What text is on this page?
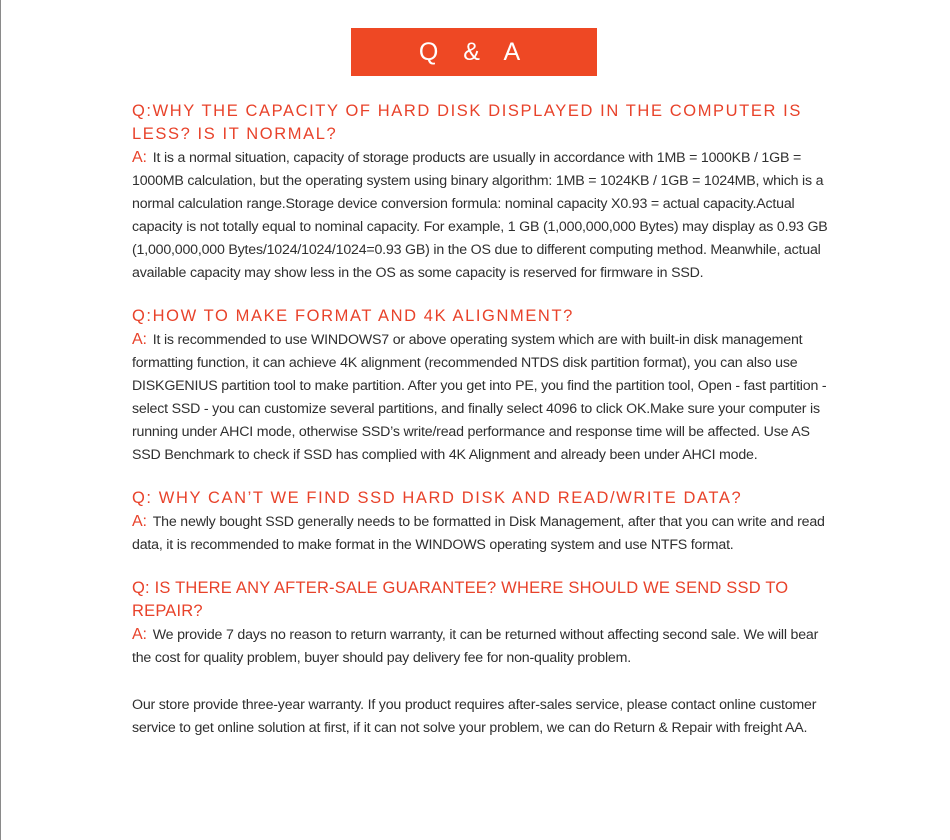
Q & A

Q:WHY THE CAPACITY OF HARD DISK DISPLAYED IN THE COMPUTER IS LESS? IS IT NORMAL?

A: It is a normal situation, capacity of storage products are usually in accordance with 1MB = 1000KB / 1GB = 1000MB calculation, but the operating system using binary algorithm: 1MB = 1024KB / 1GB = 1024MB, which is a normal calculation range.Storage device conversion formula: nominal capacity X0.93 = actual capacity.Actual capacity is not totally equal to nominal capacity. For example, 1 GB (1,000,000,000 Bytes) may display as 0.93 GB (1,000,000,000 Bytes/1024/1024/1024=0.93 GB) in the OS due to different computing method. Meanwhile, actual available capacity may show less in the OS as some capacity is reserved for firmware in SSD.

Q:HOW TO MAKE FORMAT AND 4K ALIGNMENT?

A: It is recommended to use WINDOWS7 or above operating system which are with built-in disk management formatting function, it can achieve 4K alignment (recommended NTDS disk partition format), you can also use DISKGENIUS partition tool to make partition. After you get into PE, you find the partition tool, Open - fast partition - select SSD - you can customize several partitions, and finally select 4096 to click OK.Make sure your computer is running under AHCI mode, otherwise SSD’s write/read performance and response time will be affected. Use AS SSD Benchmark to check if SSD has complied with 4K Alignment and already been under AHCI mode.

Q: WHY CAN’T WE FIND SSD HARD DISK AND READ/WRITE DATA?

A: The newly bought SSD generally needs to be formatted in Disk Management, after that you can write and read data, it is recommended to make format in the WINDOWS operating system and use NTFS format.

Q: IS THERE ANY AFTER-SALE GUARANTEE? WHERE SHOULD WE SEND SSD TO REPAIR?

A: We provide 7 days no reason to return warranty, it can be returned without affecting second sale. We will bear the cost for quality problem, buyer should pay delivery fee for non-quality problem.

Our store provide three-year warranty. If you product requires after-sales service, please contact online customer service to get online solution at first, if it can not solve your problem, we can do Return & Repair with freight AA.
